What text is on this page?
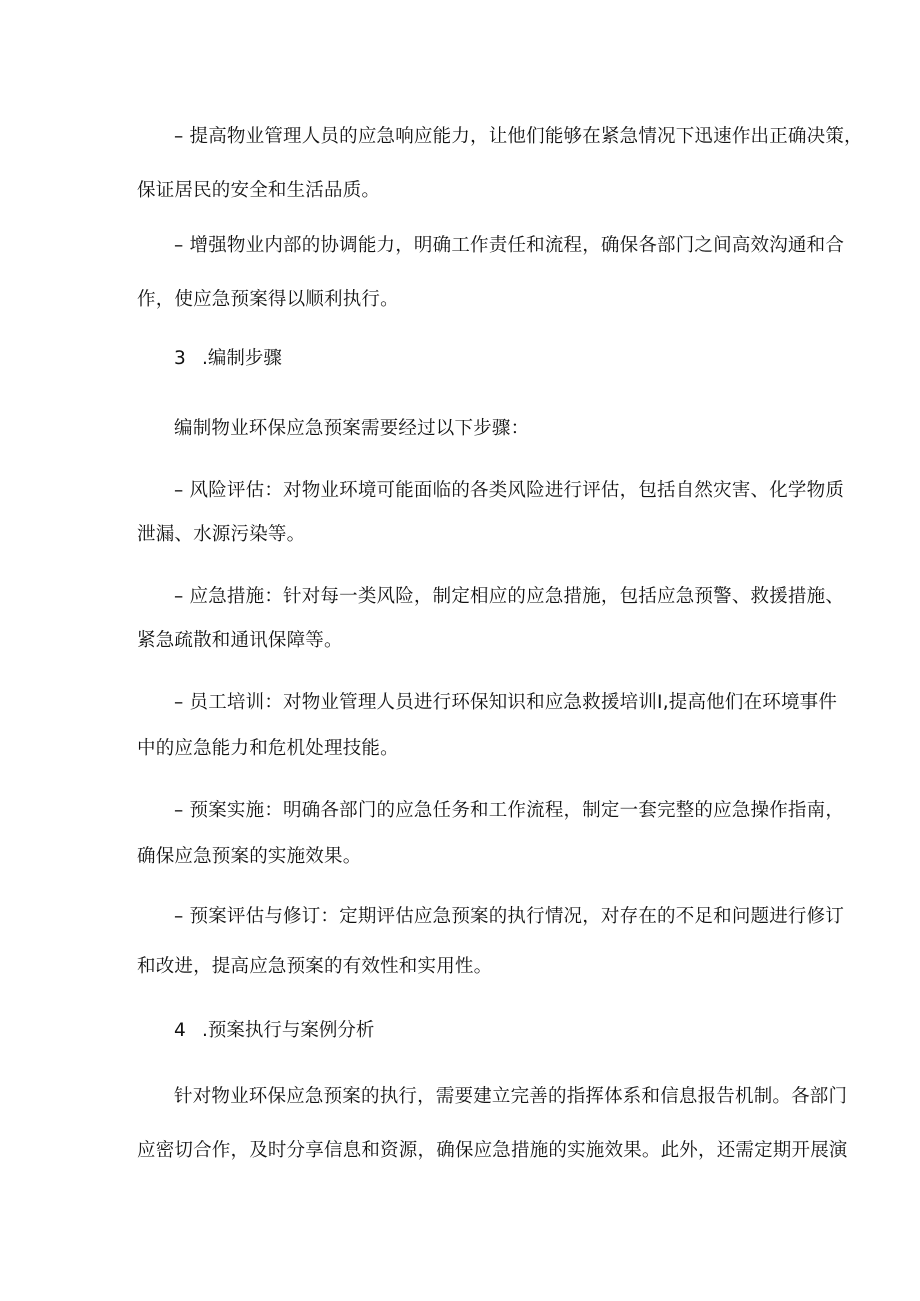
– 提高物业管理人员的应急响应能力，让他们能够在紧急情况下迅速作出正确决策，
保证居民的安全和生活品质。
– 增强物业内部的协调能力，明确工作责任和流程，确保各部门之间高效沟通和合
作，使应急预案得以顺利执行。
3 .编制步骤
编制物业环保应急预案需要经过以下步骤：
– 风险评估：对物业环境可能面临的各类风险进行评估，包括自然灾害、化学物质
泄漏、水源污染等。
– 应急措施：针对每一类风险，制定相应的应急措施，包括应急预警、救援措施、
紧急疏散和通讯保障等。
– 员工培训：对物业管理人员进行环保知识和应急救援培训I,提高他们在环境事件
中的应急能力和危机处理技能。
– 预案实施：明确各部门的应急任务和工作流程，制定一套完整的应急操作指南，
确保应急预案的实施效果。
– 预案评估与修订：定期评估应急预案的执行情况，对存在的不足和问题进行修订
和改进，提高应急预案的有效性和实用性。
4 .预案执行与案例分析
针对物业环保应急预案的执行，需要建立完善的指挥体系和信息报告机制。各部门
应密切合作，及时分享信息和资源，确保应急措施的实施效果。此外，还需定期开展演
